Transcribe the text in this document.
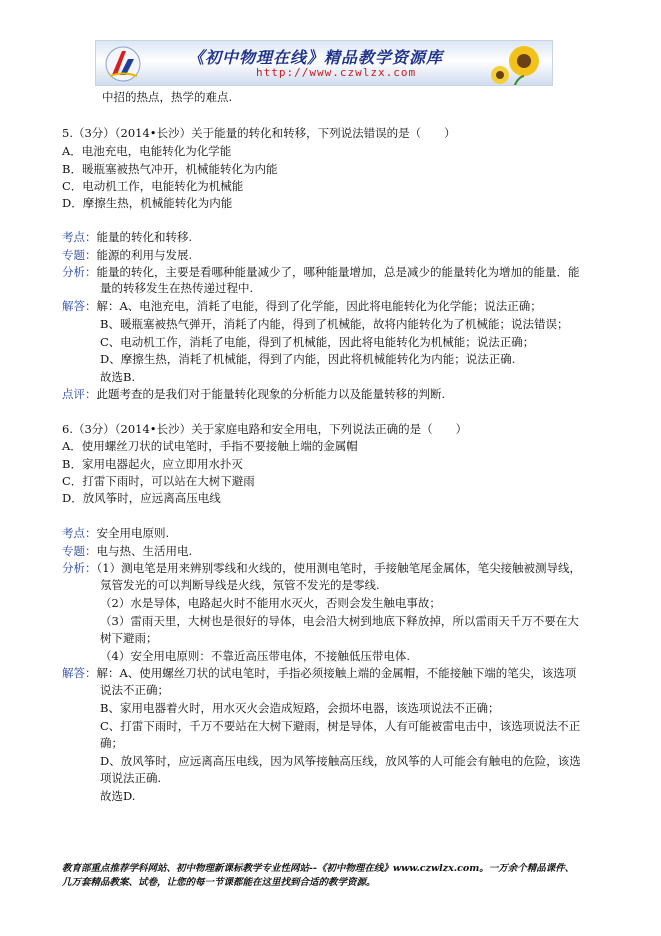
《初中物理在线》精品教学资源库
http://www.czwlzx.com
中招的热点，热学的难点.
5.（3分）（2014•长沙）关于能量的转化和转移，下列说法错误的是（　　）
A．电池充电，电能转化为化学能
B．暖瓶塞被热气冲开，机械能转化为内能
C．电动机工作，电能转化为机械能
D．摩擦生热，机械能转化为内能
考点：能量的转化和转移.
专题：能源的利用与发展.
分析：能量的转化，主要是看哪种能量减少了，哪种能量增加，总是减少的能量转化为增加的能量．能
量的转移发生在热传递过程中.
解答：解：A、电池充电，消耗了电能，得到了化学能，因此将电能转化为化学能；说法正确；
B、暖瓶塞被热气弹开，消耗了内能，得到了机械能，故将内能转化为了机械能；说法错误；
C、电动机工作，消耗了电能，得到了机械能，因此将电能转化为机械能；说法正确；
D、摩擦生热，消耗了机械能，得到了内能，因此将机械能转化为内能；说法正确.
故选B.
点评：此题考查的是我们对于能量转化现象的分析能力以及能量转移的判断.
6.（3分）（2014•长沙）关于家庭电路和安全用电，下列说法正确的是（　　）
A．使用螺丝刀状的试电笔时，手指不要接触上端的金属帽
B．家用电器起火，应立即用水扑灭
C．打雷下雨时，可以站在大树下避雨
D．放风筝时，应远离高压电线
考点：安全用电原则.
专题：电与热、生活用电.
分析：（1）测电笔是用来辨别零线和火线的，使用测电笔时，手接触笔尾金属体，笔尖接触被测导线，
氖管发光的可以判断导线是火线，氖管不发光的是零线.
（2）水是导体，电路起火时不能用水灭火，否则会发生触电事故；
（3）雷雨天里，大树也是很好的导体，电会沿大树到地底下释放掉，所以雷雨天千万不要在大
树下避雨；
（4）安全用电原则：不靠近高压带电体，不接触低压带电体.
解答：解：A、使用螺丝刀状的试电笔时，手指必须接触上端的金属帽，不能接触下端的笔尖，该选项
说法不正确；
B、家用电器着火时，用水灭火会造成短路，会损坏电器，该选项说法不正确；
C、打雷下雨时，千万不要站在大树下避雨，树是导体，人有可能被雷电击中，该选项说法不正
确；
D、放风筝时，应远离高压电线，因为风筝接触高压线，放风筝的人可能会有触电的危险，该选
项说法正确.
故选D.
教育部重点推荐学科网站、初中物理新课标教学专业性网站--《初中物理在线》www.czwlzx.com。一万余个精品课件、
几万套精品教案、试卷，让您的每一节课都能在这里找到合适的教学资源。
